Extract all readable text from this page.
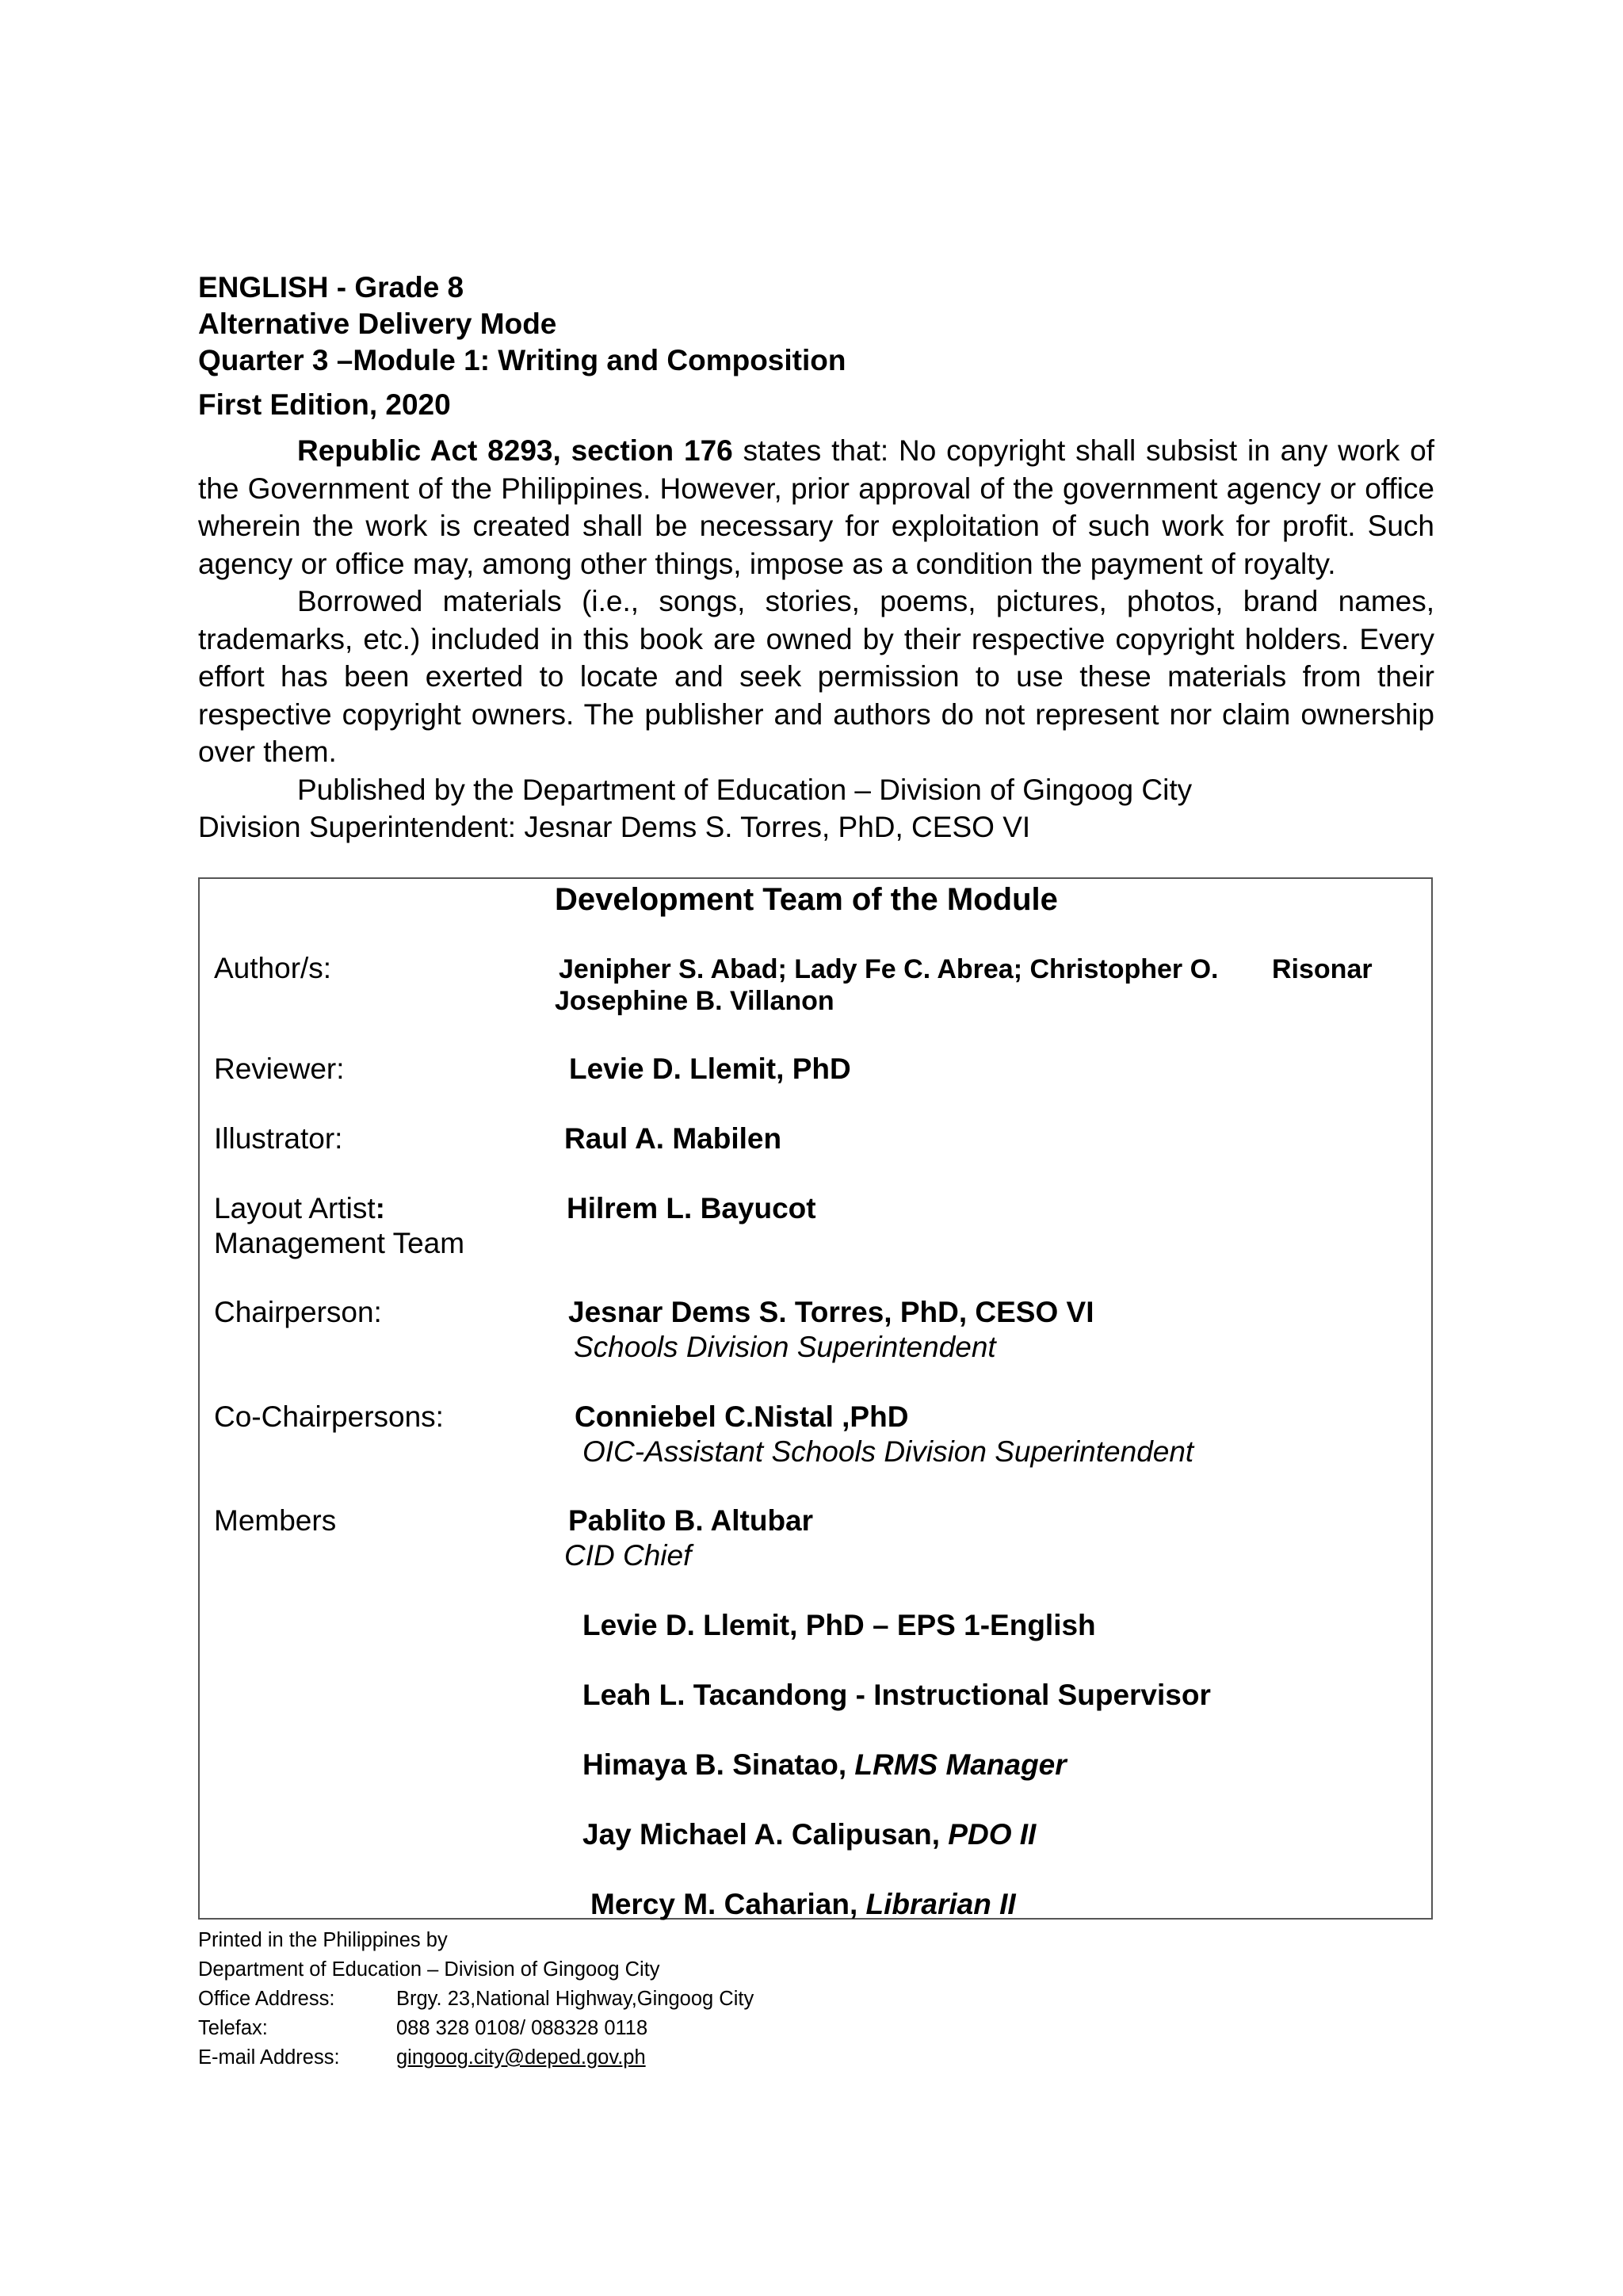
ENGLISH - Grade 8
Alternative Delivery Mode
Quarter 3 –Module 1: Writing and Composition
First Edition, 2020

Republic Act 8293, section 176 states that: No copyright shall subsist in any work of the Government of the Philippines. However, prior approval of the government agency or office wherein the work is created shall be necessary for exploitation of such work for profit. Such agency or office may, among other things, impose as a condition the payment of royalty.

Borrowed materials (i.e., songs, stories, poems, pictures, photos, brand names, trademarks, etc.) included in this book are owned by their respective copyright holders. Every effort has been exerted to locate and seek permission to use these materials from their respective copyright owners. The publisher and authors do not represent nor claim ownership over them.

Published by the Department of Education – Division of Gingoog City

Division Superintendent: Jesnar Dems S. Torres, PhD, CESO VI

Development Team of the Module
Author/s:	Jenipher S. Abad; Lady Fe C. Abrea; Christopher O. Risonar
Josephine B. Villanon
Reviewer:	Levie D. Llemit, PhD
Illustrator:	Raul A. Mabilen
Layout Artist:	Hilrem L. Bayucot
Management Team
Chairperson:	Jesnar Dems S. Torres, PhD, CESO VI
Schools Division Superintendent
Co-Chairpersons:	Conniebel C.Nistal ,PhD
OIC-Assistant Schools Division Superintendent
Members	Pablito B. Altubar
CID Chief
Levie D. Llemit, PhD – EPS 1-English
Leah L. Tacandong - Instructional Supervisor
Himaya B. Sinatao, LRMS Manager
Jay Michael A. Calipusan, PDO II
Mercy M. Caharian, Librarian II
Printed in the Philippines by
Department of Education – Division of Gingoog City
Office Address:	Brgy. 23,National Highway,Gingoog City
Telefax:	088 328 0108/ 088328 0118
E-mail Address:	gingoog.city@deped.gov.ph
